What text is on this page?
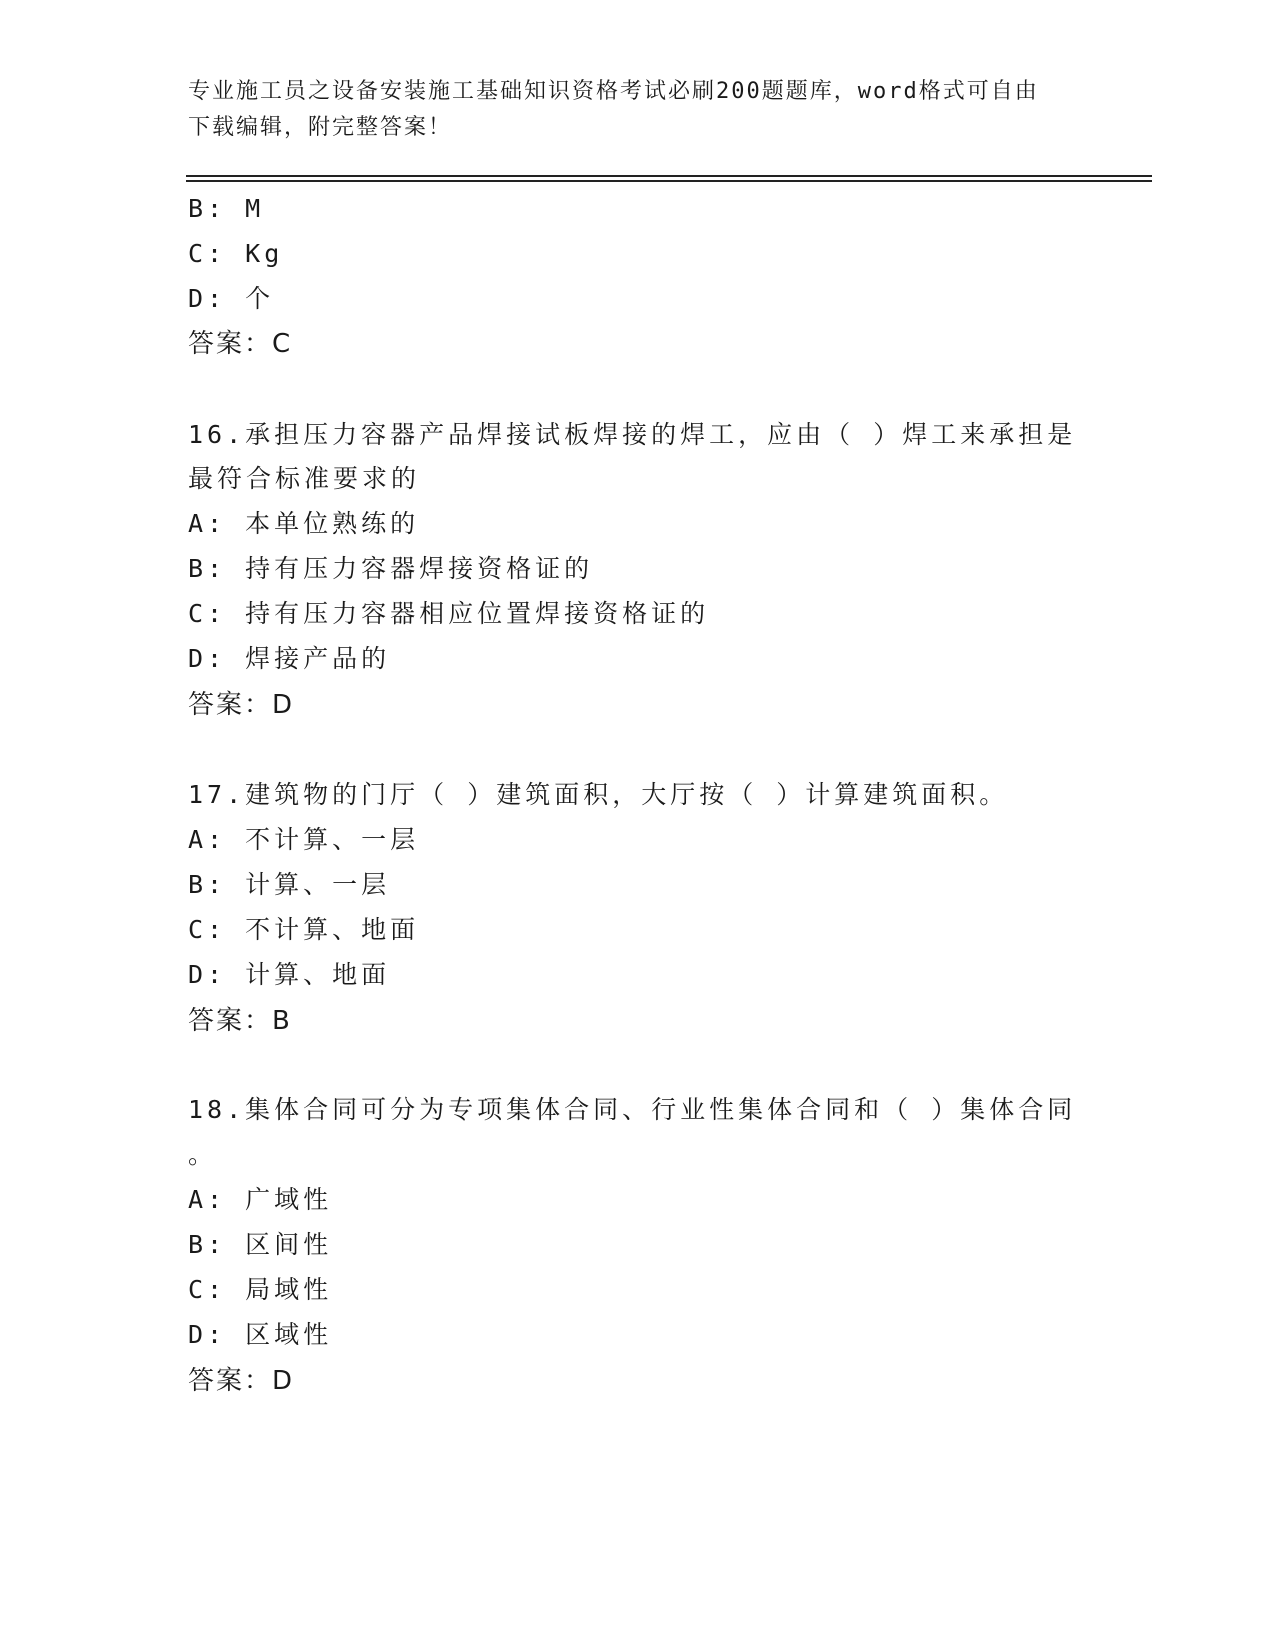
专业施工员之设备安装施工基础知识资格考试必刷200题题库，word格式可自由
下载编辑，附完整答案！
B: M
C: Kg
D: 个
答案：C
16.承担压力容器产品焊接试板焊接的焊工，应由（ ）焊工来承担是
最符合标准要求的
A: 本单位熟练的
B: 持有压力容器焊接资格证的
C: 持有压力容器相应位置焊接资格证的
D: 焊接产品的
答案：D
17.建筑物的门厅（ ）建筑面积，大厅按（ ）计算建筑面积。
A: 不计算、一层
B: 计算、一层
C: 不计算、地面
D: 计算、地面
答案：B
18.集体合同可分为专项集体合同、行业性集体合同和（ ）集体合同
。
A: 广域性
B: 区间性
C: 局域性
D: 区域性
答案：D
